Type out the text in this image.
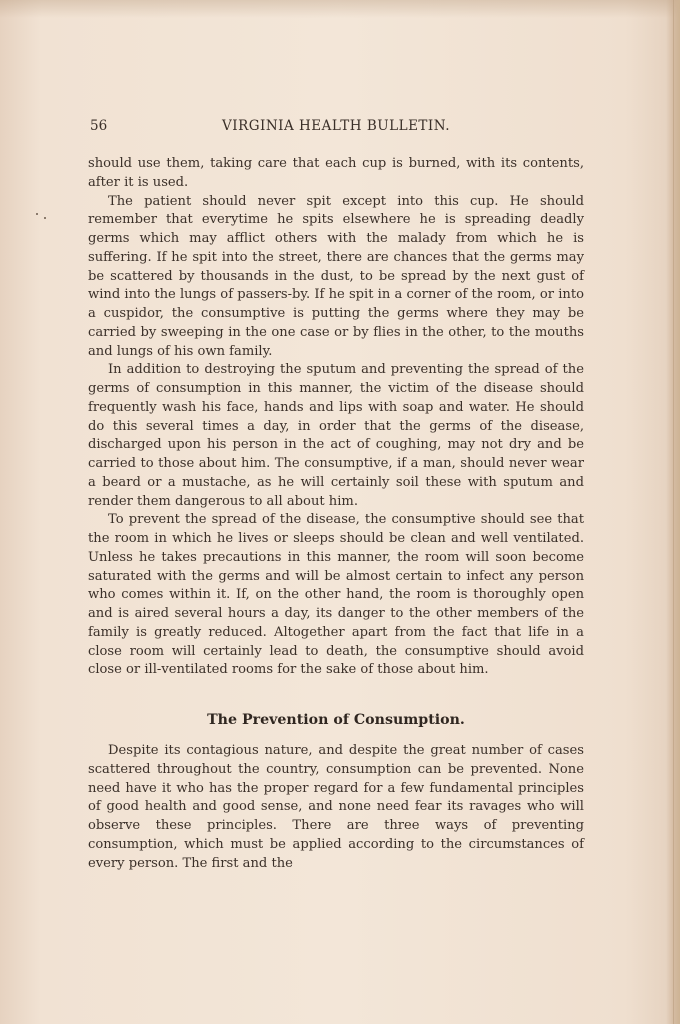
56	VIRGINIA HEALTH BULLETIN.

should use them, taking care that each cup is burned, with its contents, after it is used.

The patient should never spit except into this cup. He should remember that everytime he spits elsewhere he is spreading deadly germs which may afflict others with the malady from which he is suffering. If he spit into the street, there are chances that the germs may be scattered by thousands in the dust, to be spread by the next gust of wind into the lungs of passers-by. If he spit in a corner of the room, or into a cuspidor, the consumptive is putting the germs where they may be carried by sweeping in the one case or by flies in the other, to the mouths and lungs of his own family.

In addition to destroying the sputum and preventing the spread of the germs of consumption in this manner, the victim of the disease should frequently wash his face, hands and lips with soap and water. He should do this several times a day, in order that the germs of the disease, discharged upon his person in the act of coughing, may not dry and be carried to those about him. The consumptive, if a man, should never wear a beard or a mustache, as he will certainly soil these with sputum and render them dangerous to all about him.

To prevent the spread of the disease, the consumptive should see that the room in which he lives or sleeps should be clean and well ventilated. Unless he takes precautions in this manner, the room will soon become saturated with the germs and will be almost certain to infect any person who comes within it. If, on the other hand, the room is thoroughly open and is aired several hours a day, its danger to the other members of the family is greatly reduced. Altogether apart from the fact that life in a close room will certainly lead to death, the consumptive should avoid close or ill-ventilated rooms for the sake of those about him.

The Prevention of Consumption.

Despite its contagious nature, and despite the great number of cases scattered throughout the country, consumption can be prevented. None need have it who has the proper regard for a few fundamental principles of good health and good sense, and none need fear its ravages who will observe these principles. There are three ways of preventing consumption, which must be applied according to the circumstances of every person. The first and the
